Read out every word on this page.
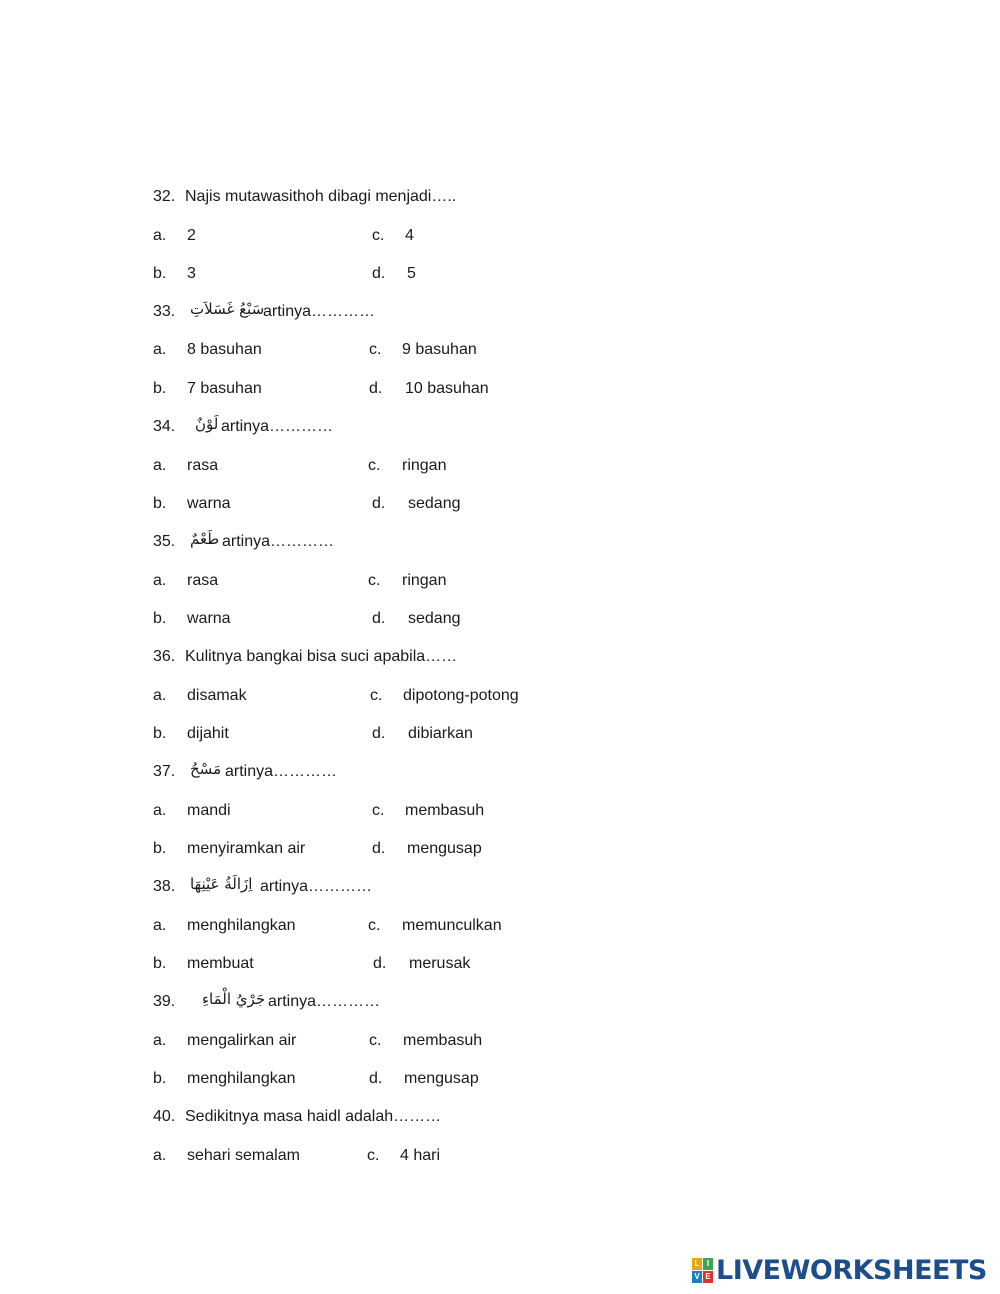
32. Najis mutawasithoh dibagi menjadi…..
a. 2	c. 4
b. 3	d. 5
33. سَبْعُ غَسَلاَتِ
artinya…………
a. 8 basuhan	c. 9 basuhan
b. 7 basuhan	d. 10 basuhan
34. لَوْنٌ artinya…………
a. rasa	c. ringan
b. warna	d. sedang
35. طَعْمٌ artinya…………
a. rasa	c. ringan
b. warna	d. sedang
36. Kulitnya bangkai bisa suci apabila……
a. disamak	c. dipotong-potong
b. dijahit	d. dibiarkan
37. مَسْحُ artinya…………
a. mandi	c. membasuh
b. menyiramkan air	d. mengusap
38. اِزَالَةُ عَيْنِهَا artinya…………
a. menghilangkan	c. memunculkan
b. membuat	d. merusak
39. جَرْيُ الْمَاءِ artinya…………
a. mengalirkan air	c. membasuh
b. menghilangkan	d. mengusap
40. Sedikitnya masa haidl adalah………
a. sehari semalam	c. 4 hari
L I
V E LIVEWORKSHEETS
